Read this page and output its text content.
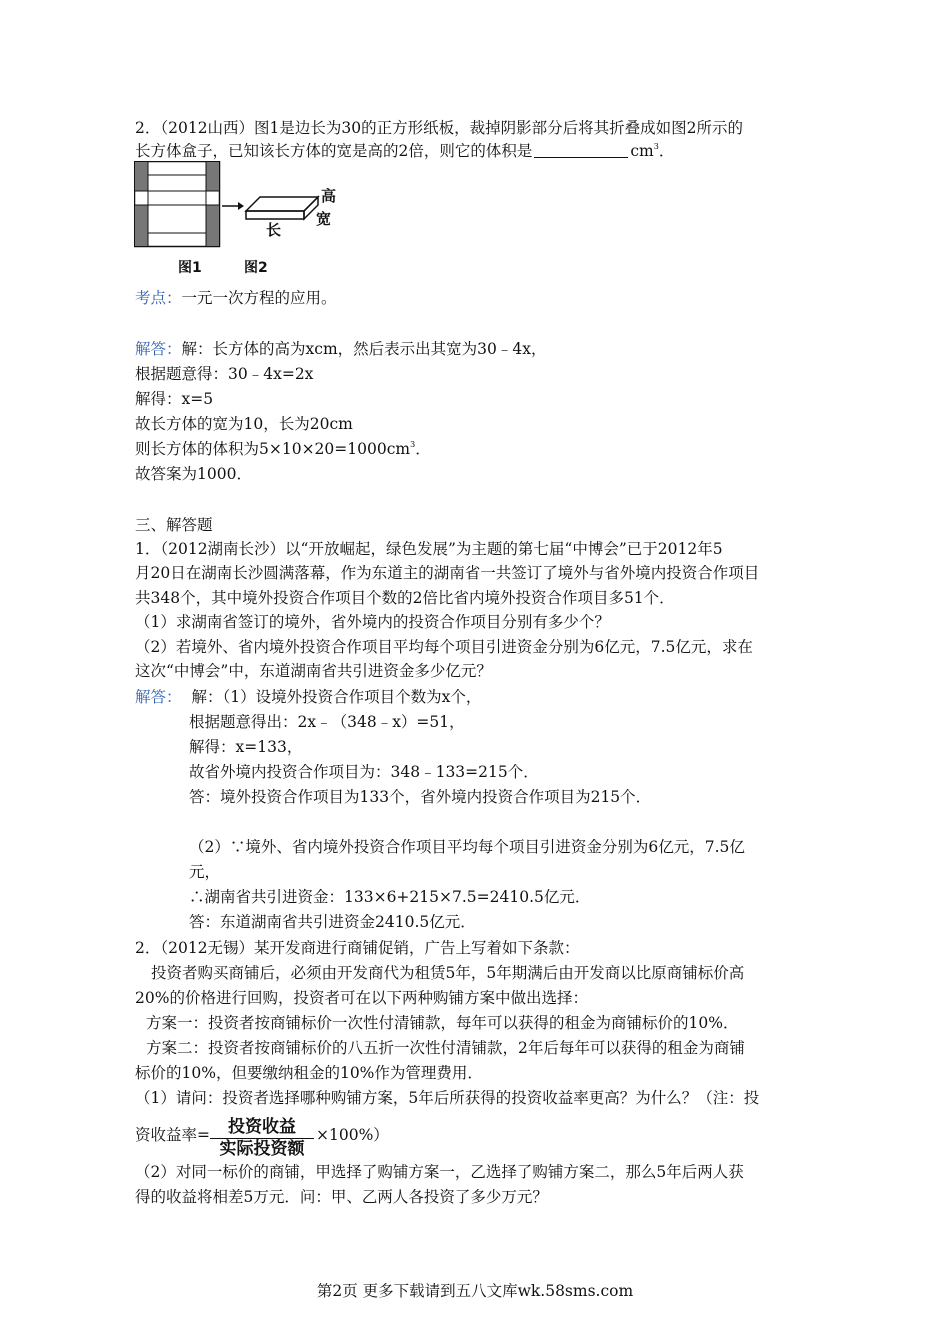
2．（2012山西）图1是边长为30的正方形纸板，裁掉阴影部分后将其折叠成如图2所示的
长方体盒子，已知该长方体的宽是高的2倍，则它的体积是	$cm^3$．
高
宽
长
图1	图2
考点：一元一次方程的应用。
解答：解：长方体的高为xcm，然后表示出其宽为30﹣4x，
根据题意得：30﹣4x=2x
解得：x=5
故长方体的宽为10，长为20cm
则长方体的体积为$5\times 10\times 20=1000cm^3$．
故答案为1000．
三、解答题
1．（2012湖南长沙）以“开放崛起，绿色发展”为主题的第七届“中博会”已于2012年5
月20日在湖南长沙圆满落幕，作为东道主的湖南省一共签订了境外与省外境内投资合作项目
共348个，其中境外投资合作项目个数的2倍比省内境外投资合作项目多51个．
（1）求湖南省签订的境外，省外境内的投资合作项目分别有多少个？
（2）若境外、省内境外投资合作项目平均每个项目引进资金分别为6亿元，7.5亿元，求在
这次“中博会”中，东道湖南省共引进资金多少亿元？
解答： 解：（1）设境外投资合作项目个数为x个，
根据题意得出：2x﹣（348﹣x）=51，
解得：x=133，
故省外境内投资合作项目为：348﹣133=215个．
答：境外投资合作项目为133个，省外境内投资合作项目为215个．
（2）∵境外、省内境外投资合作项目平均每个项目引进资金分别为6亿元，7.5亿
元，
∴湖南省共引进资金：133×6+215×7.5=2410.5亿元．
答：东道湖南省共引进资金2410.5亿元．
2．（2012无锡）某开发商进行商铺促销，广告上写着如下条款：
投资者购买商铺后，必须由开发商代为租赁5年，5年期满后由开发商以比原商铺标价高
20%的价格进行回购，投资者可在以下两种购铺方案中做出选择：
方案一：投资者按商铺标价一次性付清铺款，每年可以获得的租金为商铺标价的10%．
方案二：投资者按商铺标价的八五折一次性付清铺款，2年后每年可以获得的租金为商铺
标价的10%，但要缴纳租金的10%作为管理费用．
（1）请问：投资者选择哪种购铺方案，5年后所获得的投资收益率更高？为什么？（注：投
资收益率=	投资收益
实际投资额
×100%）
（2）对同一标价的商铺，甲选择了购铺方案一，乙选择了购铺方案二，那么5年后两人获
得的收益将相差5万元．问：甲、乙两人各投资了多少万元？
第2页 更多下载请到五八文库wk.58sms.com
